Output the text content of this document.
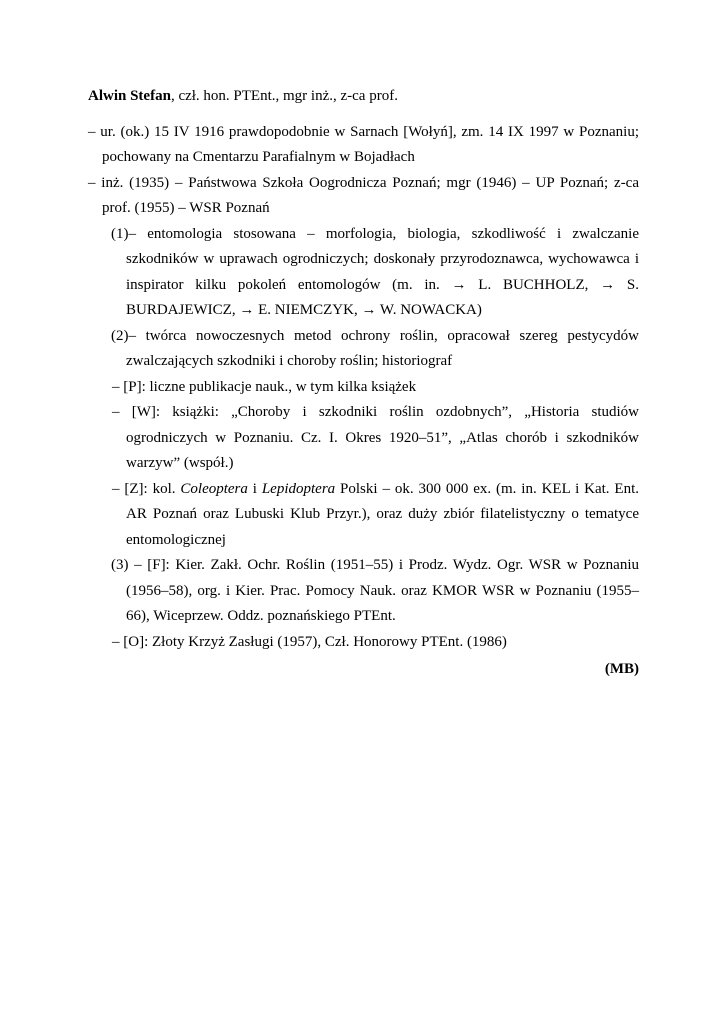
Alwin Stefan, czł. hon. PTEnt., mgr inż., z-ca prof.

– ur. (ok.) 15 IV 1916 prawdopodobnie w Sarnach [Wołyń], zm. 14 IX 1997 w Poznaniu; pochowany na Cmentarzu Parafialnym w Bojadłach

– inż. (1935) – Państwowa Szkoła Oogrodnicza Poznań; mgr (1946) – UP Poznań; z-ca prof. (1955) – WSR Poznań

(1)– entomologia stosowana – morfologia, biologia, szkodliwość i zwalczanie szkodników w uprawach ogrodniczych; doskonały przyrodoznawca, wychowawca i inspirator kilku pokoleń entomologów (m. in. → L. BUCHHOLZ, → S. BURDAJEWICZ, → E. NIEMCZYK, → W. NOWACKA)

(2)– twórca nowoczesnych metod ochrony roślin, opracował szereg pestycydów zwalczających szkodniki i choroby roślin; historiograf

– [P]: liczne publikacje nauk., w tym kilka książek

– [W]: książki: „Choroby i szkodniki roślin ozdobnych”, „Historia studiów ogrodniczych w Poznaniu. Cz. I. Okres 1920–51”, „Atlas chorób i szkodników warzyw” (współ.)

– [Z]: kol. Coleoptera i Lepidoptera Polski – ok. 300 000 ex. (m. in. KEL i Kat. Ent. AR Poznań oraz Lubuski Klub Przyr.), oraz duży zbiór filatelistyczny o tematyce entomologicznej

(3) – [F]: Kier. Zakł. Ochr. Roślin (1951–55) i Prodz. Wydz. Ogr. WSR w Poznaniu (1956–58), org. i Kier. Prac. Pomocy Nauk. oraz KMOR WSR w Poznaniu (1955–66), Wiceprzew. Oddz. poznańskiego PTEnt.

– [O]: Złoty Krzyż Zasługi (1957), Czł. Honorowy PTEnt. (1986)

(MB)
